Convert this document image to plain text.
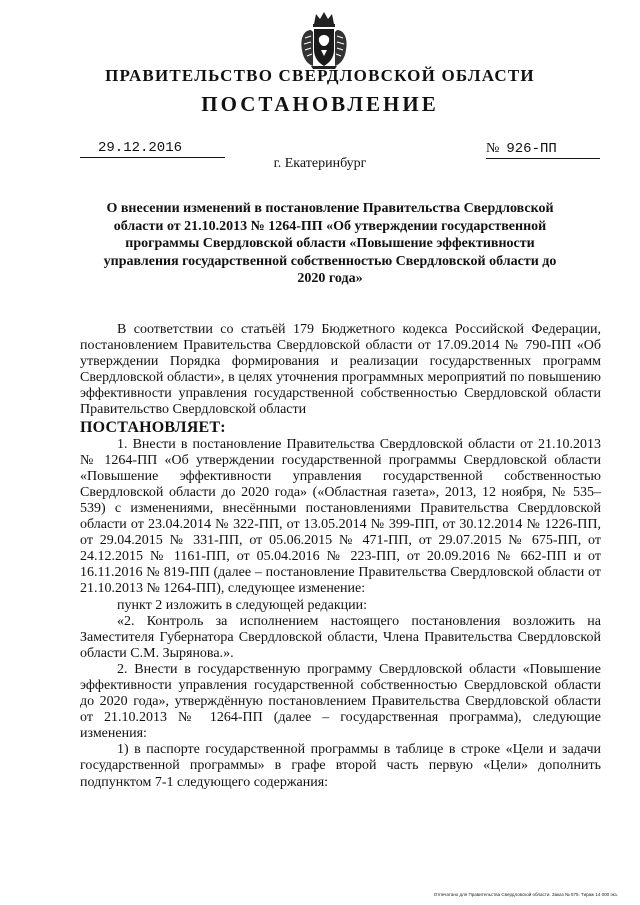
ПРАВИТЕЛЬСТВО СВЕРДЛОВСКОЙ ОБЛАСТИ
ПОСТАНОВЛЕНИЕ
29.12.2016	№ 926-ПП
г. Екатеринбург
О внесении изменений в постановление Правительства Свердловской области от 21.10.2013 № 1264-ПП «Об утверждении государственной программы Свердловской области «Повышение эффективности управления государственной собственностью Свердловской области до 2020 года»

В соответствии со статьёй 179 Бюджетного кодекса Российской Федерации, постановлением Правительства Свердловской области от 17.09.2014 № 790-ПП «Об утверждении Порядка формирования и реализации государственных программ Свердловской области», в целях уточнения программных мероприятий по повышению эффективности управления государственной собственностью Свердловской области Правительство Свердловской области

ПОСТАНОВЛЯЕТ:

1. Внести в постановление Правительства Свердловской области от 21.10.2013 № 1264-ПП «Об утверждении государственной программы Свердловской области «Повышение эффективности управления государственной собственностью Свердловской области до 2020 года» («Областная газета», 2013, 12 ноября, № 535–539) с изменениями, внесёнными постановлениями Правительства Свердловской области от 23.04.2014 № 322-ПП, от 13.05.2014 № 399-ПП, от 30.12.2014 № 1226-ПП, от 29.04.2015 № 331-ПП, от 05.06.2015 № 471-ПП, от 29.07.2015 № 675-ПП, от 24.12.2015 № 1161-ПП, от 05.04.2016 № 223-ПП, от 20.09.2016 № 662-ПП и от 16.11.2016 № 819-ПП (далее – постановление Правительства Свердловской области от 21.10.2013 № 1264-ПП), следующее изменение:

пункт 2 изложить в следующей редакции:

«2. Контроль за исполнением настоящего постановления возложить на Заместителя Губернатора Свердловской области, Члена Правительства Свердловской области С.М. Зырянова.».

2. Внести в государственную программу Свердловской области «Повышение эффективности управления государственной собственностью Свердловской области до 2020 года», утверждённую постановлением Правительства Свердловской области от 21.10.2013 № 1264-ПП (далее – государственная программа), следующие изменения:

1) в паспорте государственной программы в таблице в строке «Цели и задачи государственной программы» в графе второй часть первую «Цели» дополнить подпунктом 7-1 следующего содержания:

Отпечатано для Правительства Свердловской области. Заказ № 575. Тираж 14 000 экз.
